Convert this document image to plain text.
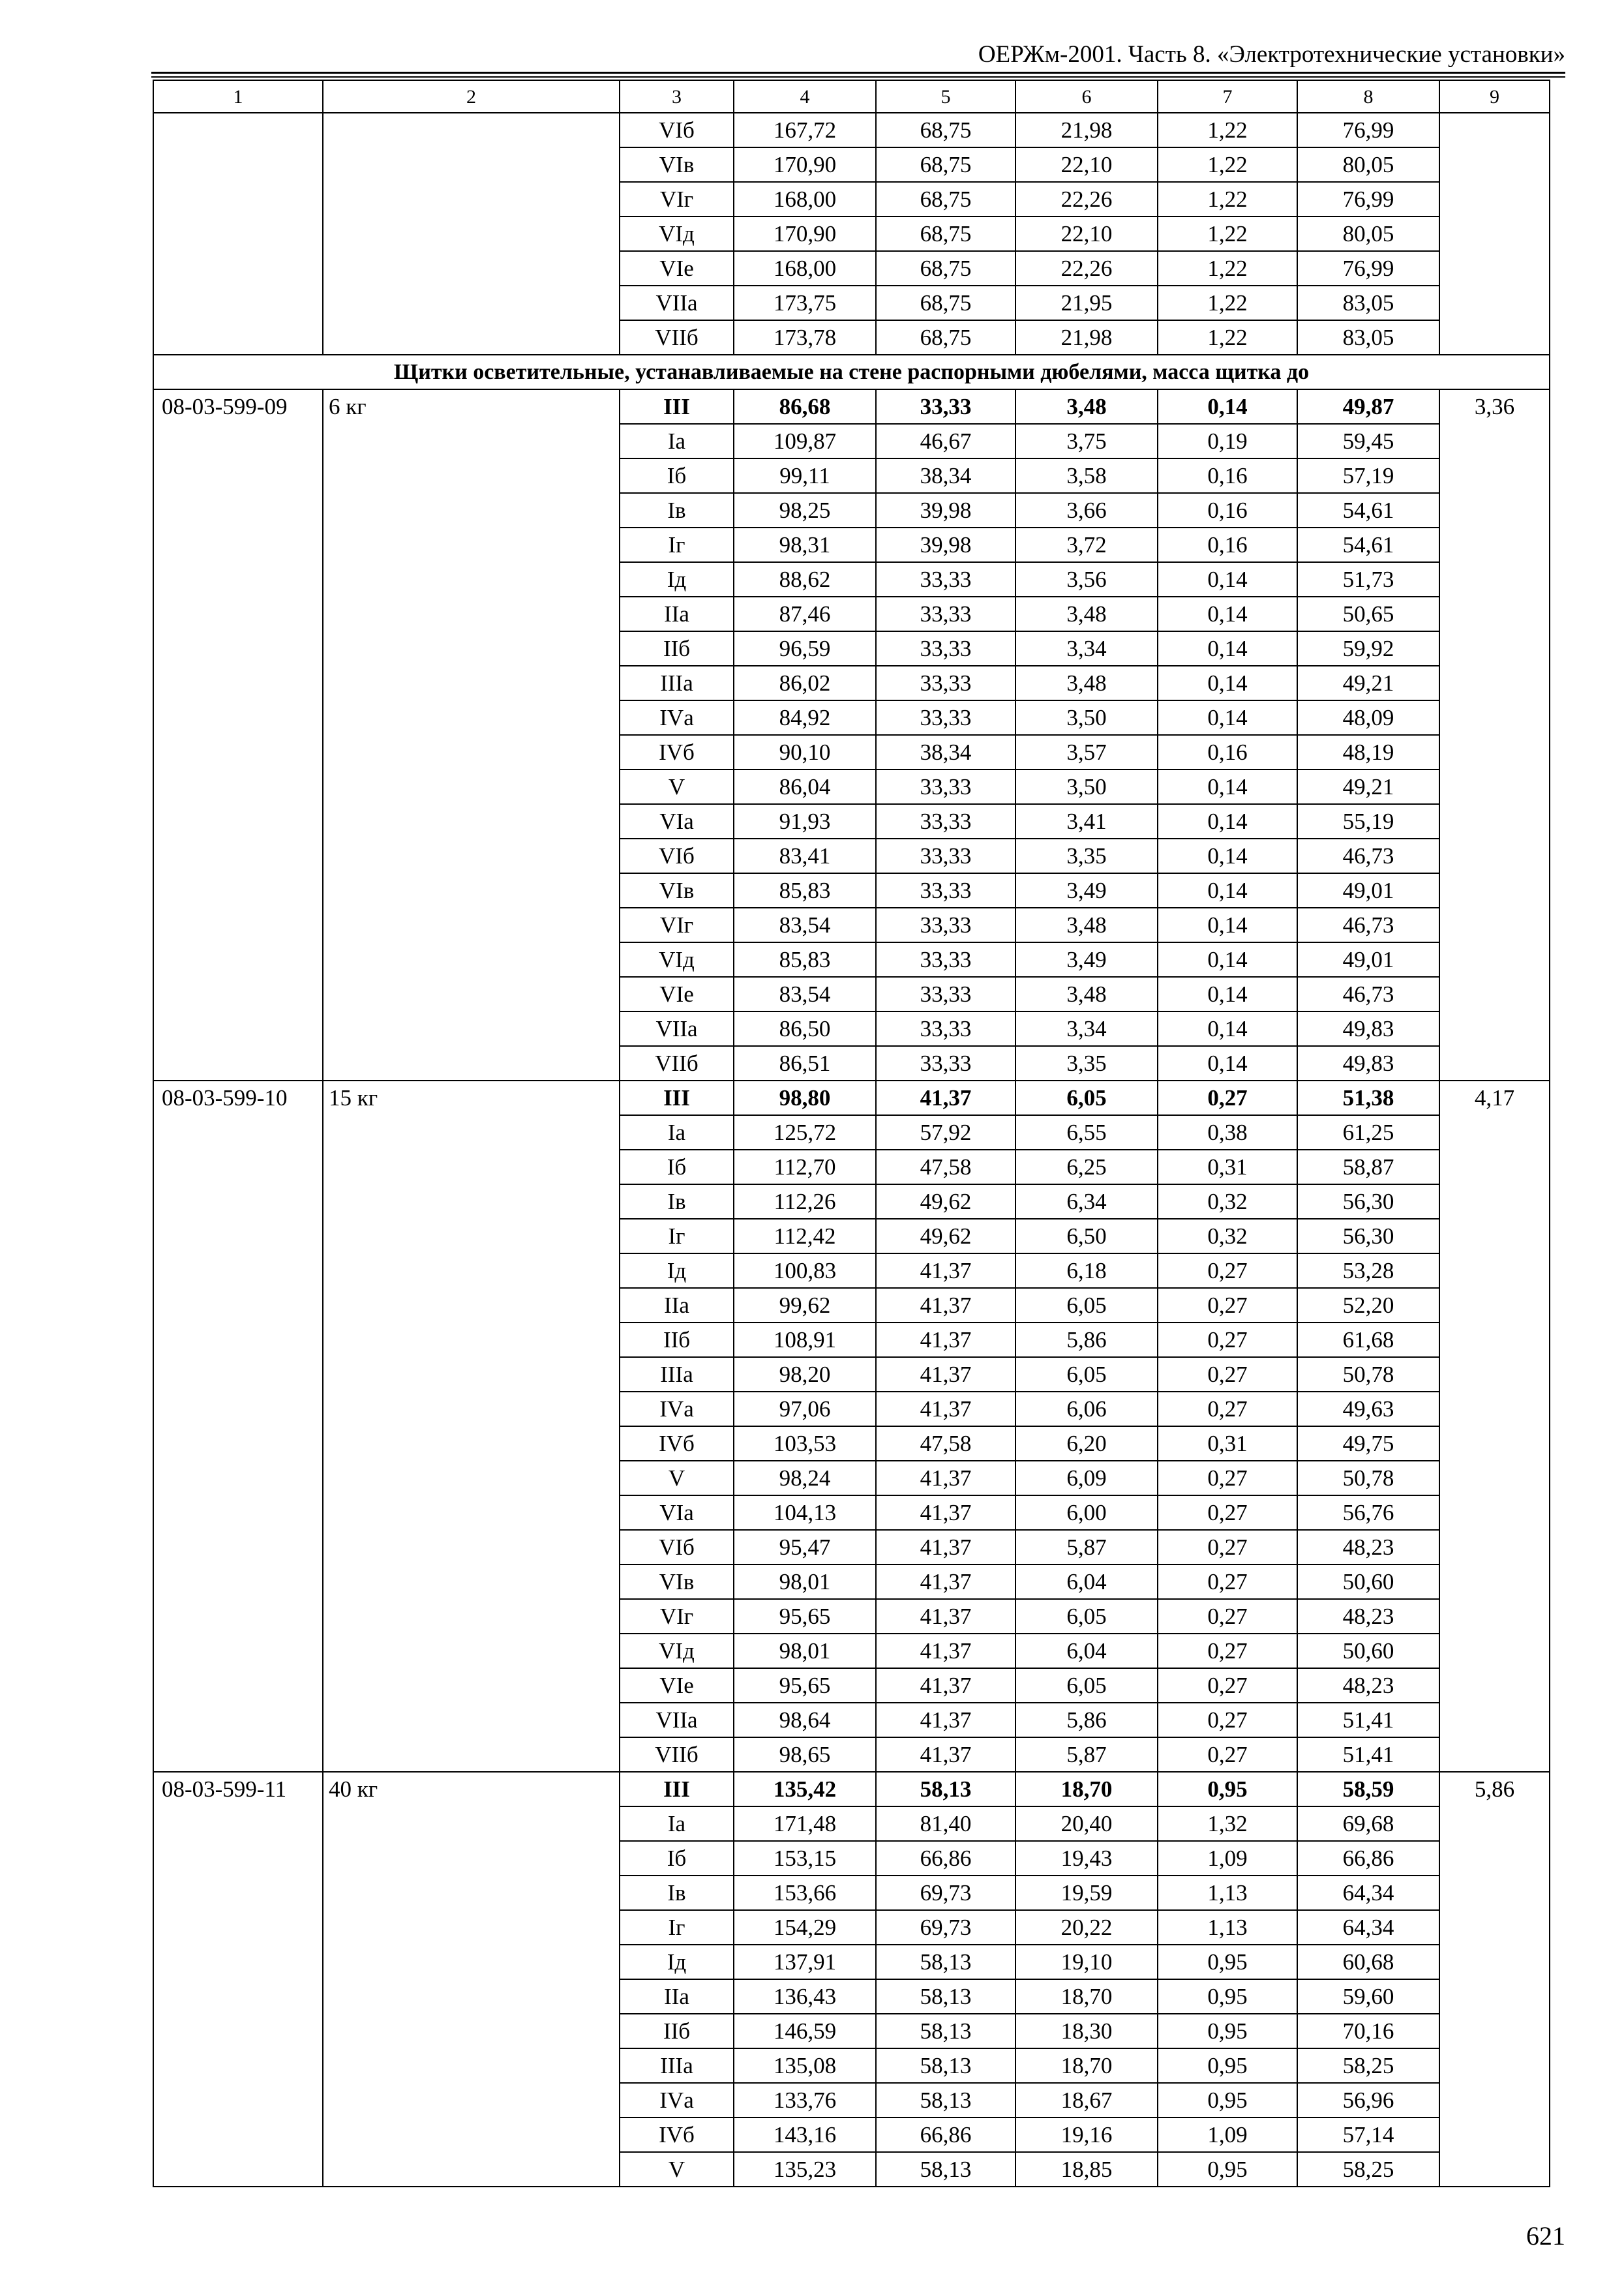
ОЕРЖм-2001. Часть 8. «Электротехнические установки»
1	2	3	4	5	6	7	8	9
		VIб	167,72	68,75	21,98	1,22	76,99	
		VIв	170,90	68,75	22,10	1,22	80,05	
		VIг	168,00	68,75	22,26	1,22	76,99	
		VIд	170,90	68,75	22,10	1,22	80,05	
		VIе	168,00	68,75	22,26	1,22	76,99	
		VIIа	173,75	68,75	21,95	1,22	83,05	
		VIIб	173,78	68,75	21,98	1,22	83,05	
Щитки осветительные, устанавливаемые на стене распорными дюбелями, масса щитка до								
08-03-599-09	6 кг	III	86,68	33,33	3,48	0,14	49,87	3,36
		Iа	109,87	46,67	3,75	0,19	59,45	
		Iб	99,11	38,34	3,58	0,16	57,19	
		Iв	98,25	39,98	3,66	0,16	54,61	
		Iг	98,31	39,98	3,72	0,16	54,61	
		Iд	88,62	33,33	3,56	0,14	51,73	
		IIа	87,46	33,33	3,48	0,14	50,65	
		IIб	96,59	33,33	3,34	0,14	59,92	
		IIIа	86,02	33,33	3,48	0,14	49,21	
		IVа	84,92	33,33	3,50	0,14	48,09	
		IVб	90,10	38,34	3,57	0,16	48,19	
		V	86,04	33,33	3,50	0,14	49,21	
		VIа	91,93	33,33	3,41	0,14	55,19	
		VIб	83,41	33,33	3,35	0,14	46,73	
		VIв	85,83	33,33	3,49	0,14	49,01	
		VIг	83,54	33,33	3,48	0,14	46,73	
		VIд	85,83	33,33	3,49	0,14	49,01	
		VIе	83,54	33,33	3,48	0,14	46,73	
		VIIа	86,50	33,33	3,34	0,14	49,83	
		VIIб	86,51	33,33	3,35	0,14	49,83	
08-03-599-10	15 кг	III	98,80	41,37	6,05	0,27	51,38	4,17
		Iа	125,72	57,92	6,55	0,38	61,25	
		Iб	112,70	47,58	6,25	0,31	58,87	
		Iв	112,26	49,62	6,34	0,32	56,30	
		Iг	112,42	49,62	6,50	0,32	56,30	
		Iд	100,83	41,37	6,18	0,27	53,28	
		IIа	99,62	41,37	6,05	0,27	52,20	
		IIб	108,91	41,37	5,86	0,27	61,68	
		IIIа	98,20	41,37	6,05	0,27	50,78	
		IVа	97,06	41,37	6,06	0,27	49,63	
		IVб	103,53	47,58	6,20	0,31	49,75	
		V	98,24	41,37	6,09	0,27	50,78	
		VIа	104,13	41,37	6,00	0,27	56,76	
		VIб	95,47	41,37	5,87	0,27	48,23	
		VIв	98,01	41,37	6,04	0,27	50,60	
		VIг	95,65	41,37	6,05	0,27	48,23	
		VIд	98,01	41,37	6,04	0,27	50,60	
		VIе	95,65	41,37	6,05	0,27	48,23	
		VIIа	98,64	41,37	5,86	0,27	51,41	
		VIIб	98,65	41,37	5,87	0,27	51,41	
08-03-599-11	40 кг	III	135,42	58,13	18,70	0,95	58,59	5,86
		Iа	171,48	81,40	20,40	1,32	69,68	
		Iб	153,15	66,86	19,43	1,09	66,86	
		Iв	153,66	69,73	19,59	1,13	64,34	
		Iг	154,29	69,73	20,22	1,13	64,34	
		Iд	137,91	58,13	19,10	0,95	60,68	
		IIа	136,43	58,13	18,70	0,95	59,60	
		IIб	146,59	58,13	18,30	0,95	70,16	
		IIIа	135,08	58,13	18,70	0,95	58,25	
		IVа	133,76	58,13	18,67	0,95	56,96	
		IVб	143,16	66,86	19,16	1,09	57,14	
		V	135,23	58,13	18,85	0,95	58,25	
621
